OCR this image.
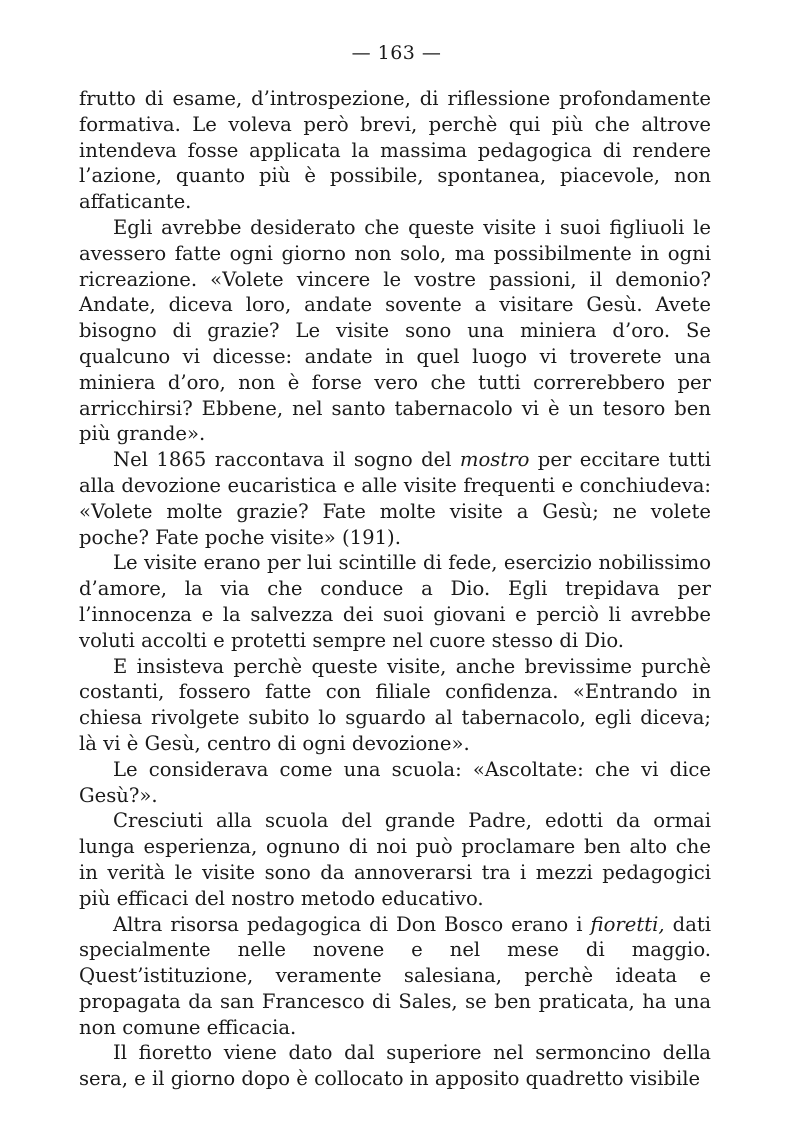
— 163 —

frutto di esame, d’introspezione, di riflessione profondamente formativa. Le voleva però brevi, perchè qui più che altrove intendeva fosse applicata la massima pedagogica di rendere l’azione, quanto più è possibile, spontanea, piacevole, non affaticante.

Egli avrebbe desiderato che queste visite i suoi figliuoli le avessero fatte ogni giorno non solo, ma possibilmente in ogni ricreazione. «Volete vincere le vostre passioni, il demonio? Andate, diceva loro, andate sovente a visitare Gesù. Avete bisogno di grazie? Le visite sono una miniera d’oro. Se qualcuno vi dicesse: andate in quel luogo vi troverete una miniera d’oro, non è forse vero che tutti correrebbero per arricchirsi? Ebbene, nel santo tabernacolo vi è un tesoro ben più grande».

Nel 1865 raccontava il sogno del mostro per eccitare tutti alla devozione eucaristica e alle visite frequenti e conchiudeva: «Volete molte grazie? Fate molte visite a Gesù; ne volete poche? Fate poche visite» (191).

Le visite erano per lui scintille di fede, esercizio nobilissimo d’amore, la via che conduce a Dio. Egli trepidava per l’innocenza e la salvezza dei suoi giovani e perciò li avrebbe voluti accolti e protetti sempre nel cuore stesso di Dio.

E insisteva perchè queste visite, anche brevissime purchè costanti, fossero fatte con filiale confidenza. «Entrando in chiesa rivolgete subito lo sguardo al tabernacolo, egli diceva; là vi è Gesù, centro di ogni devozione».

Le considerava come una scuola: «Ascoltate: che vi dice Gesù?».

Cresciuti alla scuola del grande Padre, edotti da ormai lunga esperienza, ognuno di noi può proclamare ben alto che in verità le visite sono da annoverarsi tra i mezzi pedagogici più efficaci del nostro metodo educativo.

Altra risorsa pedagogica di Don Bosco erano i fioretti, dati specialmente nelle novene e nel mese di maggio. Quest’istituzione, veramente salesiana, perchè ideata e propagata da san Francesco di Sales, se ben praticata, ha una non comune efficacia.

Il fioretto viene dato dal superiore nel sermoncino della sera, e il giorno dopo è collocato in apposito quadretto visibile
